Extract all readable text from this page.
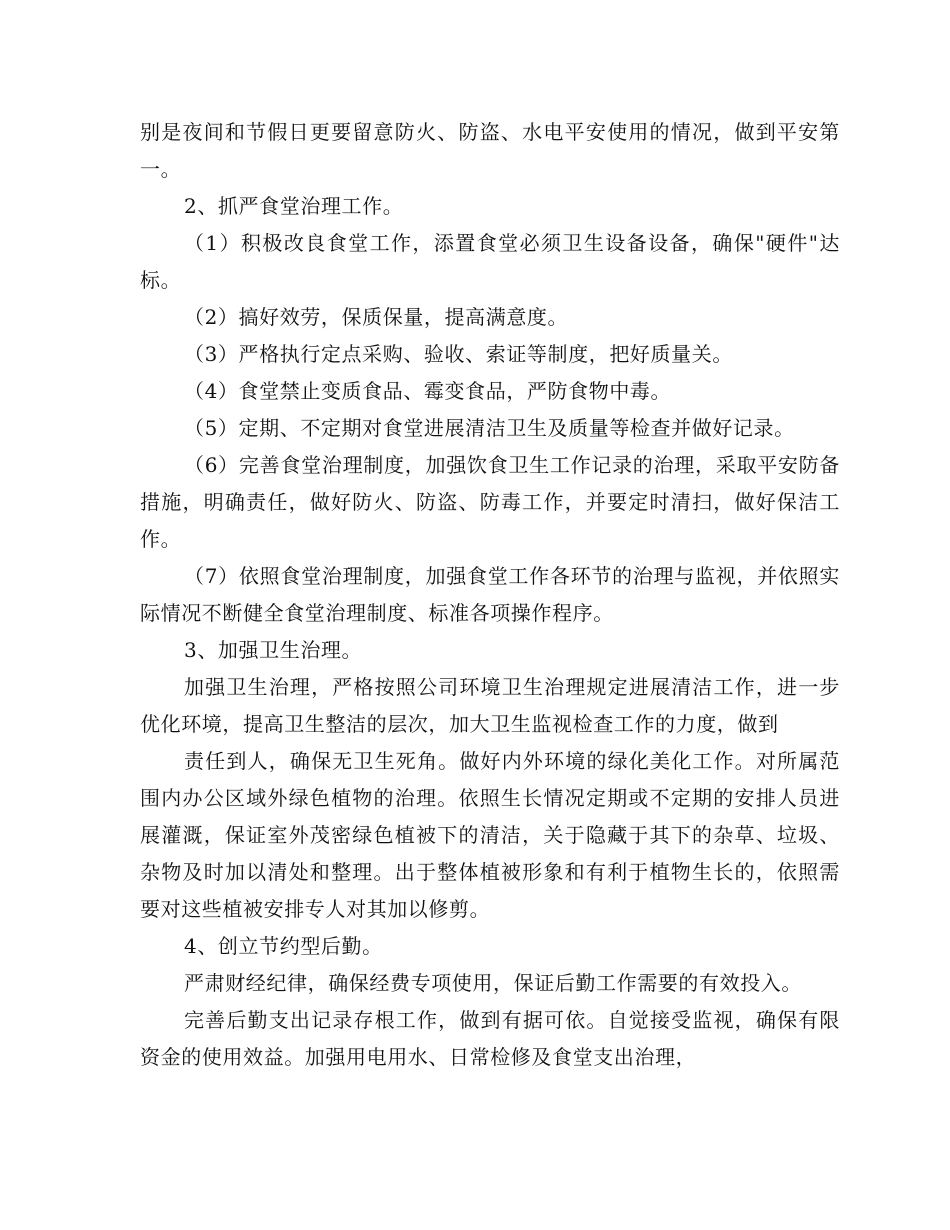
别是夜间和节假日更要留意防火、防盗、水电平安使用的情况，做到平安第一。

2、抓严食堂治理工作。

（1）积极改良食堂工作，添置食堂必须卫生设备设备，确保"硬件"达标。

（2）搞好效劳，保质保量，提高满意度。

（3）严格执行定点采购、验收、索证等制度，把好质量关。

（4）食堂禁止变质食品、霉变食品，严防食物中毒。

（5）定期、不定期对食堂进展清洁卫生及质量等检查并做好记录。

（6）完善食堂治理制度，加强饮食卫生工作记录的治理，采取平安防备措施，明确责任，做好防火、防盗、防毒工作，并要定时清扫，做好保洁工作。

（7）依照食堂治理制度，加强食堂工作各环节的治理与监视，并依照实际情况不断健全食堂治理制度、标准各项操作程序。

3、加强卫生治理。

加强卫生治理，严格按照公司环境卫生治理规定进展清洁工作，进一步优化环境，提高卫生整洁的层次，加大卫生监视检查工作的力度，做到

责任到人，确保无卫生死角。做好内外环境的绿化美化工作。对所属范围内办公区域外绿色植物的治理。依照生长情况定期或不定期的安排人员进展灌溉，保证室外茂密绿色植被下的清洁，关于隐藏于其下的杂草、垃圾、杂物及时加以清处和整理。出于整体植被形象和有利于植物生长的，依照需要对这些植被安排专人对其加以修剪。

4、创立节约型后勤。

严肃财经纪律，确保经费专项使用，保证后勤工作需要的有效投入。

完善后勤支出记录存根工作，做到有据可依。自觉接受监视，确保有限资金的使用效益。加强用电用水、日常检修及食堂支出治理，
